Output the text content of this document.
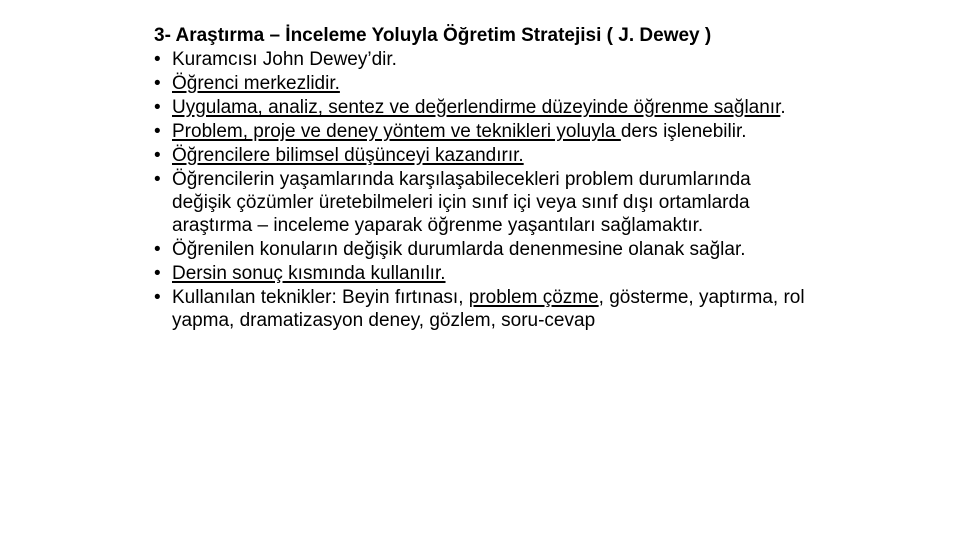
3- Araştırma – İnceleme Yoluyla Öğretim Stratejisi ( J. Dewey )
• Kuramcısı John Dewey’dir.
• Öğrenci merkezlidir.
• Uygulama, analiz, sentez ve değerlendirme düzeyinde öğrenme sağlanır.
• Problem, proje ve deney yöntem ve teknikleri yoluyla ders işlenebilir.
• Öğrencilere bilimsel düşünceyi kazandırır.
• Öğrencilerin yaşamlarında karşılaşabilecekleri problem durumlarında değişik çözümler üretebilmeleri için sınıf içi veya sınıf dışı ortamlarda araştırma – inceleme yaparak öğrenme yaşantıları sağlamaktır.
• Öğrenilen konuların değişik durumlarda denenmesine olanak sağlar.
• Dersin sonuç kısmında kullanılır.
• Kullanılan teknikler: Beyin fırtınası, problem çözme, gösterme, yaptırma, rol yapma, dramatizasyon deney, gözlem, soru-cevap
